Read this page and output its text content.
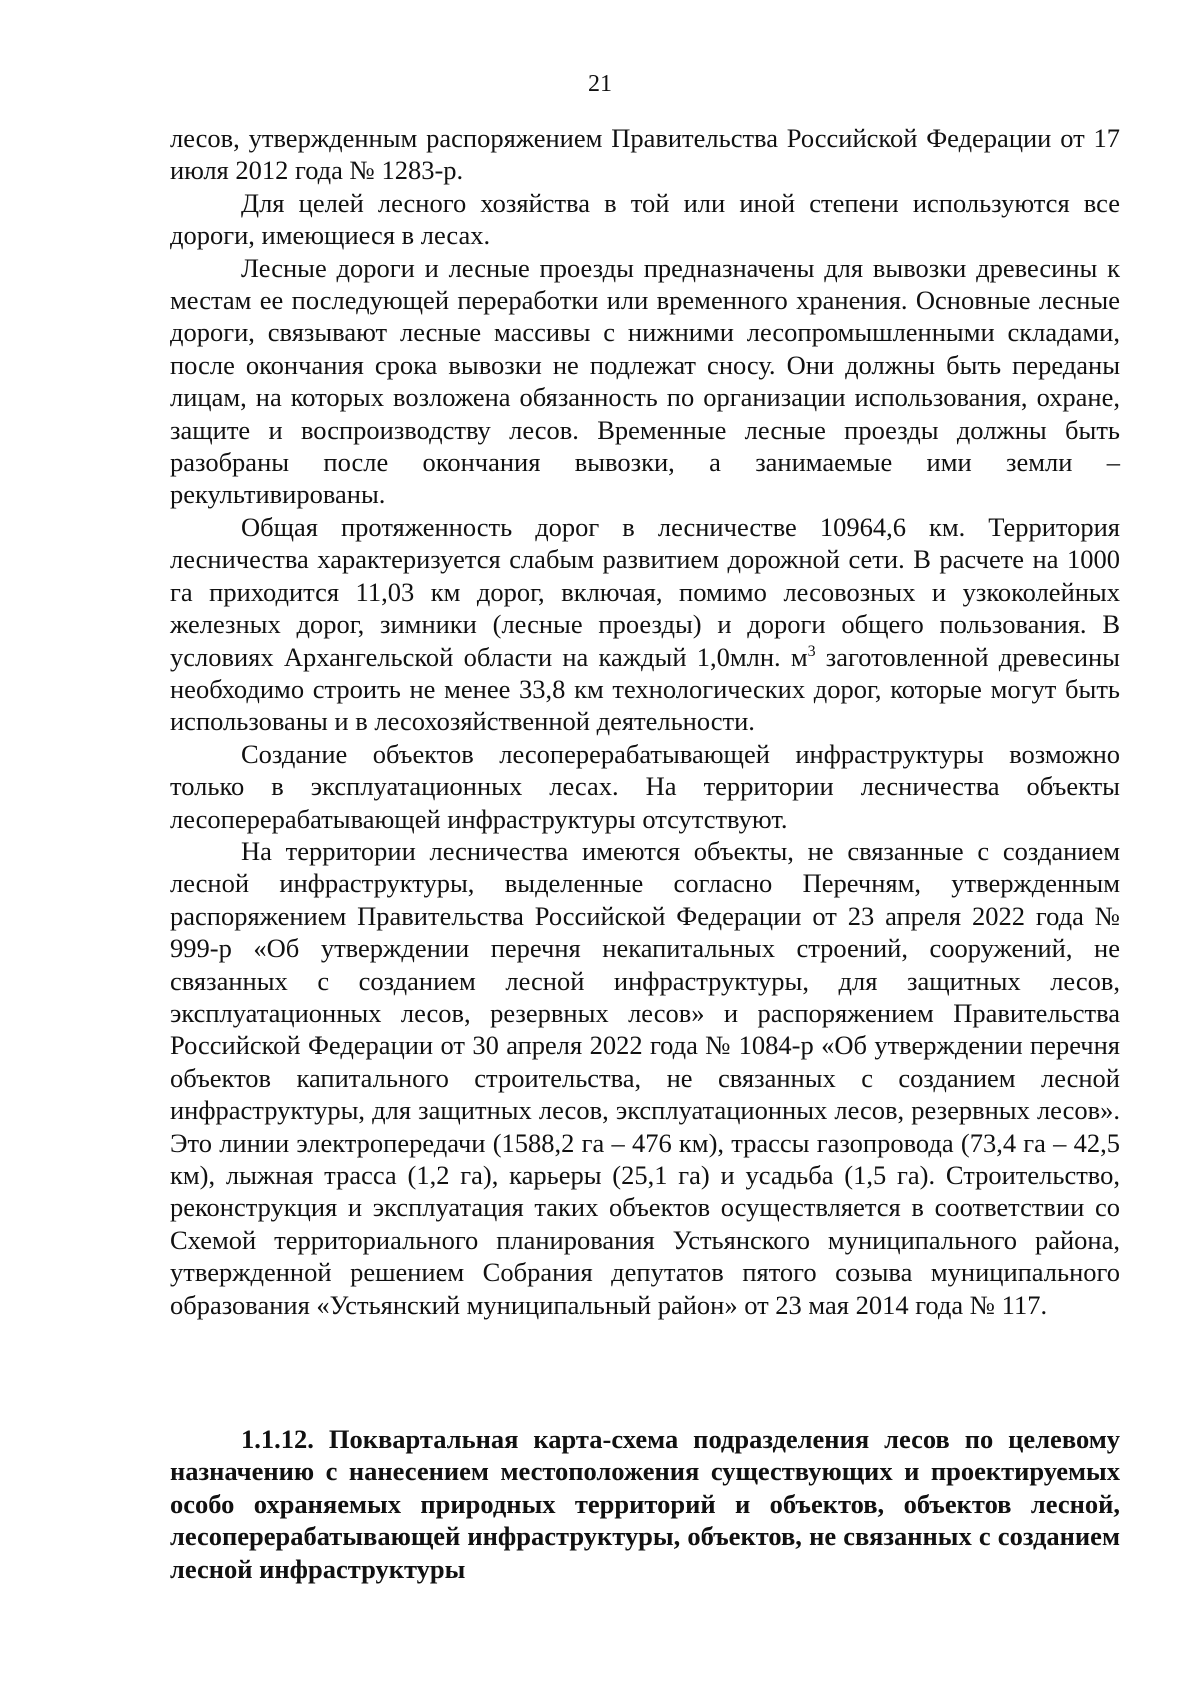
21

лесов, утвержденным распоряжением Правительства Российской Федерации от 17 июля 2012 года № 1283-р.

Для целей лесного хозяйства в той или иной степени используются все дороги, имеющиеся в лесах.

Лесные дороги и лесные проезды предназначены для вывозки древесины к местам ее последующей переработки или временного хранения. Основные лесные дороги, связывают лесные массивы с нижними лесопромышленными складами, после окончания срока вывозки не подлежат сносу. Они должны быть переданы лицам, на которых возложена обязанность по организации использования, охране, защите и воспроизводству лесов. Временные лесные проезды должны быть разобраны после окончания вывозки, а занимаемые ими земли – рекультивированы.

Общая протяженность дорог в лесничестве 10964,6 км. Территория лесничества характеризуется слабым развитием дорожной сети. В расчете на 1000 га приходится 11,03 км дорог, включая, помимо лесовозных и узкоколейных железных дорог, зимники (лесные проезды) и дороги общего пользования. В условиях Архангельской области на каждый 1,0млн. $м^3$ заготовленной древесины необходимо строить не менее 33,8 км технологических дорог, которые могут быть использованы и в лесохозяйственной деятельности.

Создание объектов лесоперерабатывающей инфраструктуры возможно только в эксплуатационных лесах. На территории лесничества объекты лесоперерабатывающей инфраструктуры отсутствуют.

На территории лесничества имеются объекты, не связанные с созданием лесной инфраструктуры, выделенные согласно Перечням, утвержденным распоряжением Правительства Российской Федерации от 23 апреля 2022 года № 999-р «Об утверждении перечня некапитальных строений, сооружений, не связанных с созданием лесной инфраструктуры, для защитных лесов, эксплуатационных лесов, резервных лесов» и распоряжением Правительства Российской Федерации от 30 апреля 2022 года № 1084-р «Об утверждении перечня объектов капитального строительства, не связанных с созданием лесной инфраструктуры, для защитных лесов, эксплуатационных лесов, резервных лесов». Это линии электропередачи (1588,2 га – 476 км), трассы газопровода (73,4 га – 42,5 км), лыжная трасса (1,2 га), карьеры (25,1 га) и усадьба (1,5 га). Строительство, реконструкция и эксплуатация таких объектов осуществляется в соответствии со Схемой территориального планирования Устьянского муниципального района, утвержденной решением Собрания депутатов пятого созыва муниципального образования «Устьянский муниципальный район» от 23 мая 2014 года № 117.

1.1.12. Поквартальная карта-схема подразделения лесов по целевому назначению с нанесением местоположения существующих и проектируемых особо охраняемых природных территорий и объектов, объектов лесной, лесоперерабатывающей инфраструктуры, объектов, не связанных с созданием лесной инфраструктуры
